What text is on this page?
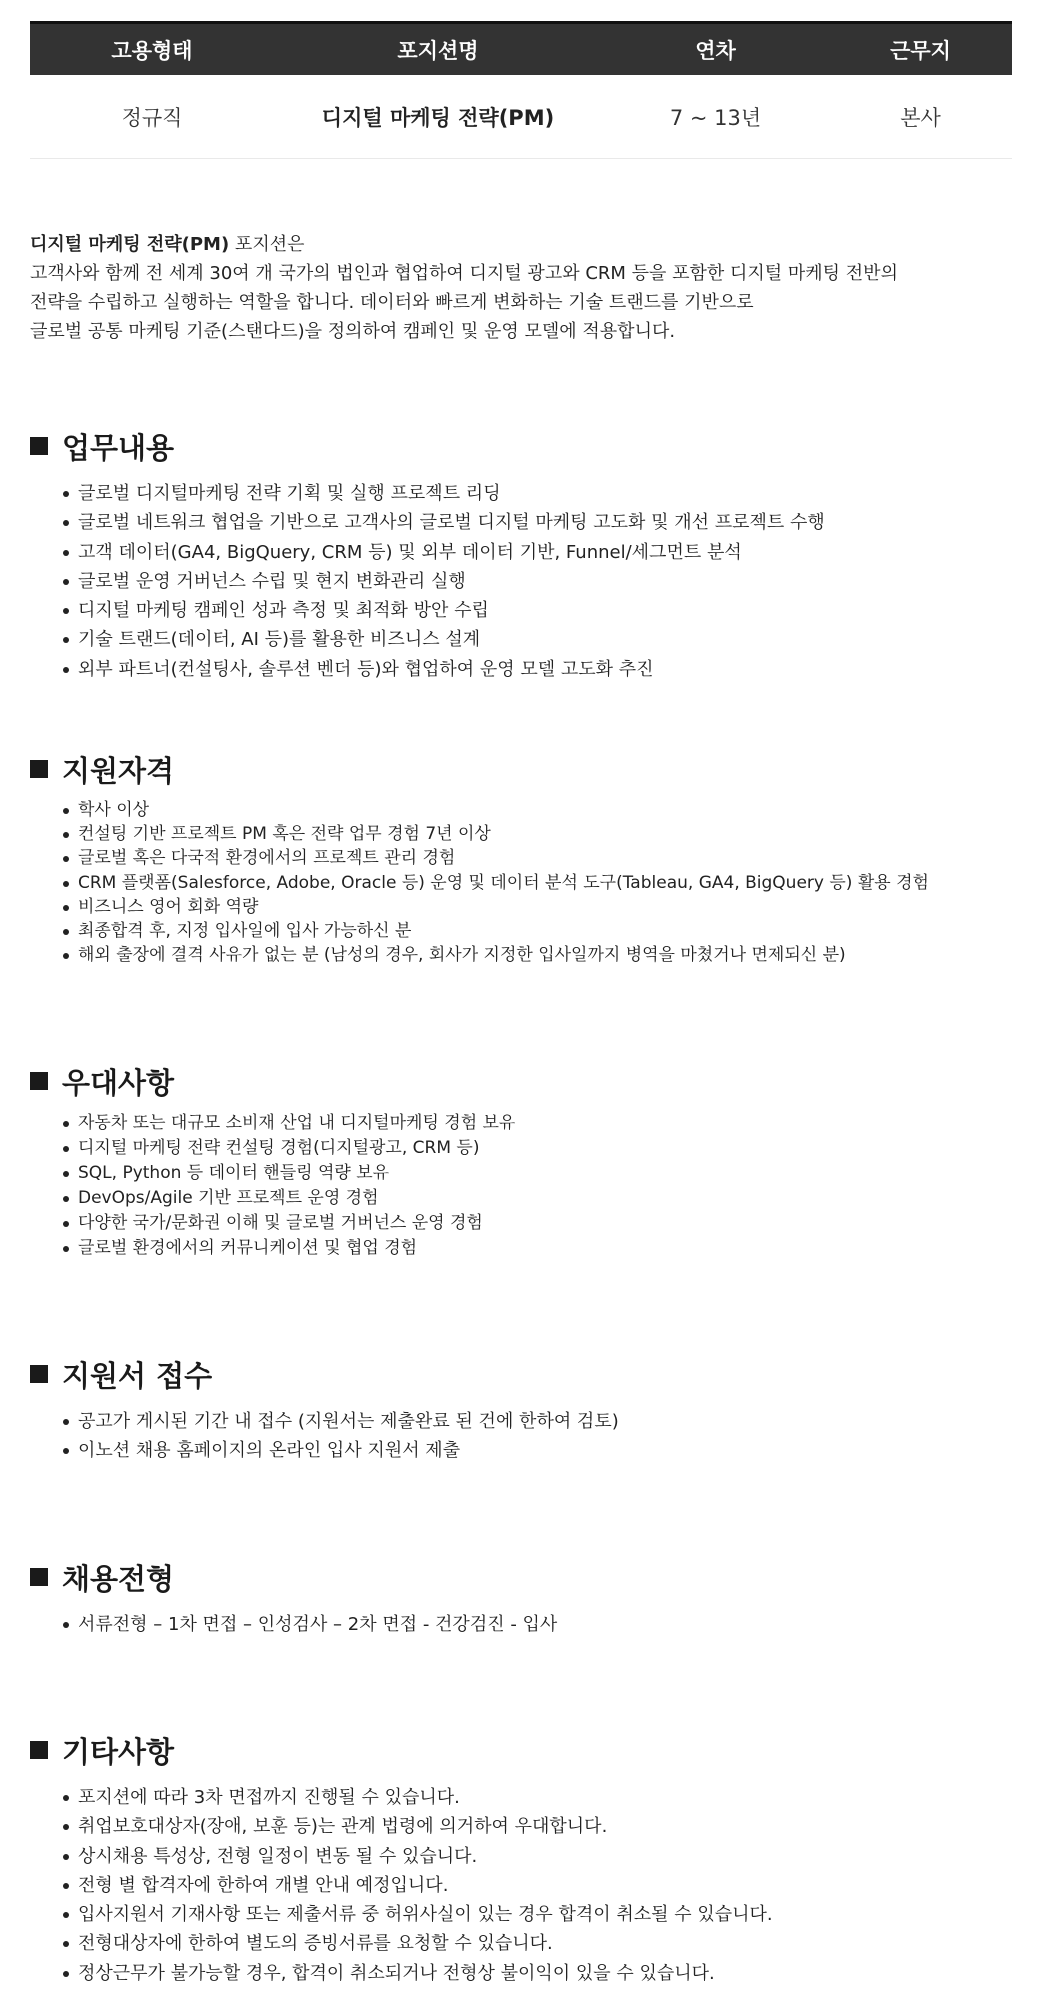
고용형태	포지션명	연차	근무지
정규직	디지털 마케팅 전략(PM)	7 ~ 13년	본사

디지털 마케팅 전략(PM) 포지션은

고객사와 함께 전 세계 30여 개 국가의 법인과 협업하여 디지털 광고와 CRM 등을 포함한 디지털 마케팅 전반의

전략을 수립하고 실행하는 역할을 합니다. 데이터와 빠르게 변화하는 기술 트랜드를 기반으로

글로벌 공통 마케팅 기준(스탠다드)을 정의하여 캠페인 및 운영 모델에 적용합니다.

업무내용
글로벌 디지털마케팅 전략 기획 및 실행 프로젝트 리딩
글로벌 네트워크 협업을 기반으로 고객사의 글로벌 디지털 마케팅 고도화 및 개선 프로젝트 수행
고객 데이터(GA4, BigQuery, CRM 등) 및 외부 데이터 기반, Funnel/세그먼트 분석
글로벌 운영 거버넌스 수립 및 현지 변화관리 실행
디지털 마케팅 캠페인 성과 측정 및 최적화 방안 수립
기술 트랜드(데이터, AI 등)를 활용한 비즈니스 설계
외부 파트너(컨설팅사, 솔루션 벤더 등)와 협업하여 운영 모델 고도화 추진
지원자격
학사 이상
컨설팅 기반 프로젝트 PM 혹은 전략 업무 경험 7년 이상
글로벌 혹은 다국적 환경에서의 프로젝트 관리 경험
CRM 플랫폼(Salesforce, Adobe, Oracle 등) 운영 및 데이터 분석 도구(Tableau, GA4, BigQuery 등) 활용 경험
비즈니스 영어 회화 역량
최종합격 후, 지정 입사일에 입사 가능하신 분
해외 출장에 결격 사유가 없는 분 (남성의 경우, 회사가 지정한 입사일까지 병역을 마쳤거나 면제되신 분)
우대사항
자동차 또는 대규모 소비재 산업 내 디지털마케팅 경험 보유
디지털 마케팅 전략 컨설팅 경험(디지털광고, CRM 등)
SQL, Python 등 데이터 핸들링 역량 보유
DevOps/Agile 기반 프로젝트 운영 경험
다양한 국가/문화권 이해 및 글로벌 거버넌스 운영 경험
글로벌 환경에서의 커뮤니케이션 및 협업 경험
지원서 접수
공고가 게시된 기간 내 접수 (지원서는 제출완료 된 건에 한하여 검토)
이노션 채용 홈페이지의 온라인 입사 지원서 제출
채용전형
서류전형 – 1차 면접 – 인성검사 – 2차 면접 - 건강검진 - 입사
기타사항
포지션에 따라 3차 면접까지 진행될 수 있습니다.
취업보호대상자(장애, 보훈 등)는 관계 법령에 의거하여 우대합니다.
상시채용 특성상, 전형 일정이 변동 될 수 있습니다.
전형 별 합격자에 한하여 개별 안내 예정입니다.
입사지원서 기재사항 또는 제출서류 중 허위사실이 있는 경우 합격이 취소될 수 있습니다.
전형대상자에 한하여 별도의 증빙서류를 요청할 수 있습니다.
정상근무가 불가능할 경우, 합격이 취소되거나 전형상 불이익이 있을 수 있습니다.
